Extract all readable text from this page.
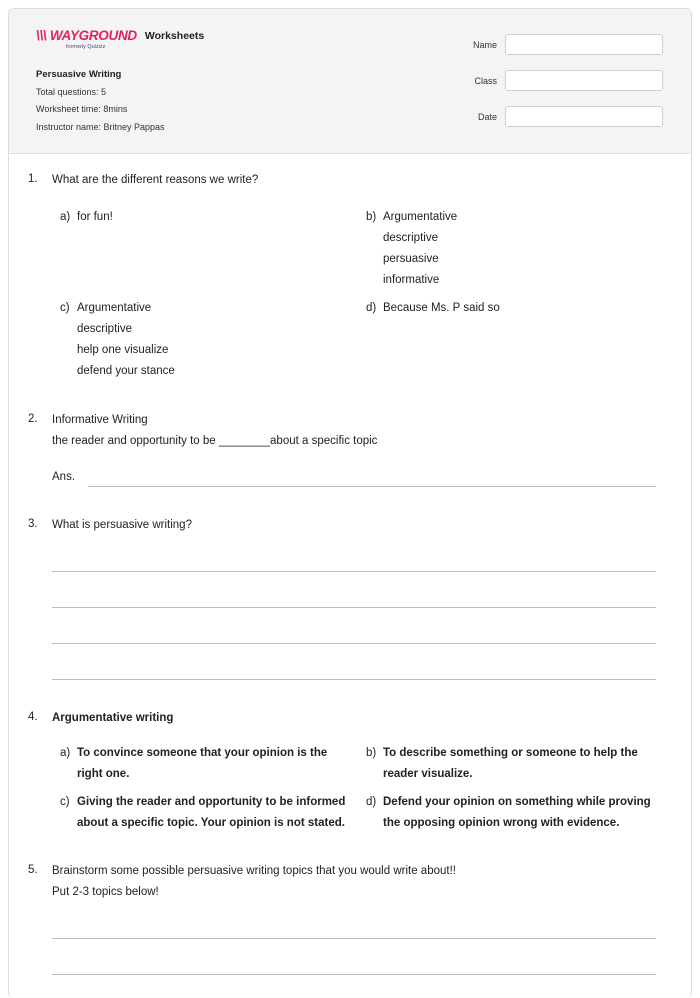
\\\ WAYGROUND
formerly Quizizz
Worksheets
Persuasive Writing
Total questions: 5
Worksheet time: 8mins
Instructor name: Britney Pappas
Name
Class
Date
1. What are the different reasons we write?
a) for fun!	b) Argumentative
descriptive
persuasive
informative
c) Argumentative
descriptive
help one visualize
defend your stance
d) Because Ms. P said so
2. Informative Writing
the reader and opportunity to be ________about a specific topic
Ans.
3. What is persuasive writing?
4. Argumentative writing
a) To convince someone that your opinion is the
right one.
b) To describe something or someone to help the
reader visualize.
c) Giving the reader and opportunity to be informed
about a specific topic. Your opinion is not stated.
d) Defend your opinion on something while proving
the opposing opinion wrong with evidence.
5. Brainstorm some possible persuasive writing topics that you would write about!!
Put 2-3 topics below!
